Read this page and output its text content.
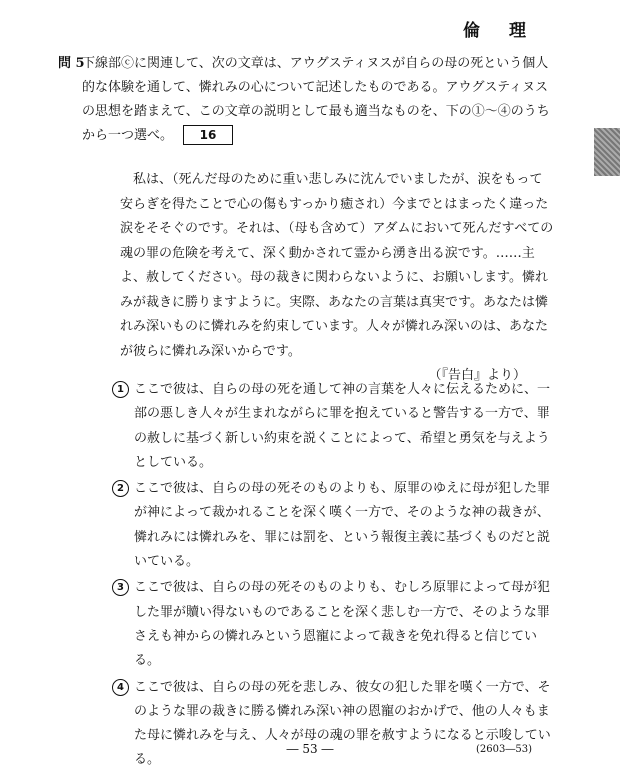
倫　理
問 5
下線部ⓒに関連して、次の文章は、アウグスティヌスが自らの母の死という個人的な体験を通して、憐れみの心について記述したものである。アウグスティヌスの思想を踏まえて、この文章の説明として最も適当なものを、下の①〜④のうちから一つ選べ。 16

私は、（死んだ母のために重い悲しみに沈んでいましたが、涙をもって安らぎを得たことで心の傷もすっかり癒され）今までとはまったく違った涙をそそぐのです。それは、（母も含めて）アダムにおいて死んだすべての魂の罪の危険を考えて、深く動かされて霊から湧き出る涙です。……主よ、赦してください。母の裁きに関わらないように、お願いします。憐れみが裁きに勝りますように。実際、あなたの言葉は真実です。あなたは憐れみ深いものに憐れみを約束しています。人々が憐れみ深いのは、あなたが彼らに憐れみ深いからです。

（『告白』より）
1 ここで彼は、自らの母の死を通して神の言葉を人々に伝えるために、一部の悪しき人々が生まれながらに罪を抱えていると警告する一方で、罪の赦しに基づく新しい約束を説くことによって、希望と勇気を与えようとしている。
2 ここで彼は、自らの母の死そのものよりも、原罪のゆえに母が犯した罪が神によって裁かれることを深く嘆く一方で、そのような神の裁きが、憐れみには憐れみを、罪には罰を、という報復主義に基づくものだと説いている。
3 ここで彼は、自らの母の死そのものよりも、むしろ原罪によって母が犯した罪が贖い得ないものであることを深く悲しむ一方で、そのような罪さえも神からの憐れみという恩寵によって裁きを免れ得ると信じている。
4 ここで彼は、自らの母の死を悲しみ、彼女の犯した罪を嘆く一方で、そのような罪の裁きに勝る憐れみ深い神の恩寵のおかげで、他の人々もまた母に憐れみを与え、人々が母の魂の罪を赦すようになると示唆している。
― 53 ―	(2603―53)
